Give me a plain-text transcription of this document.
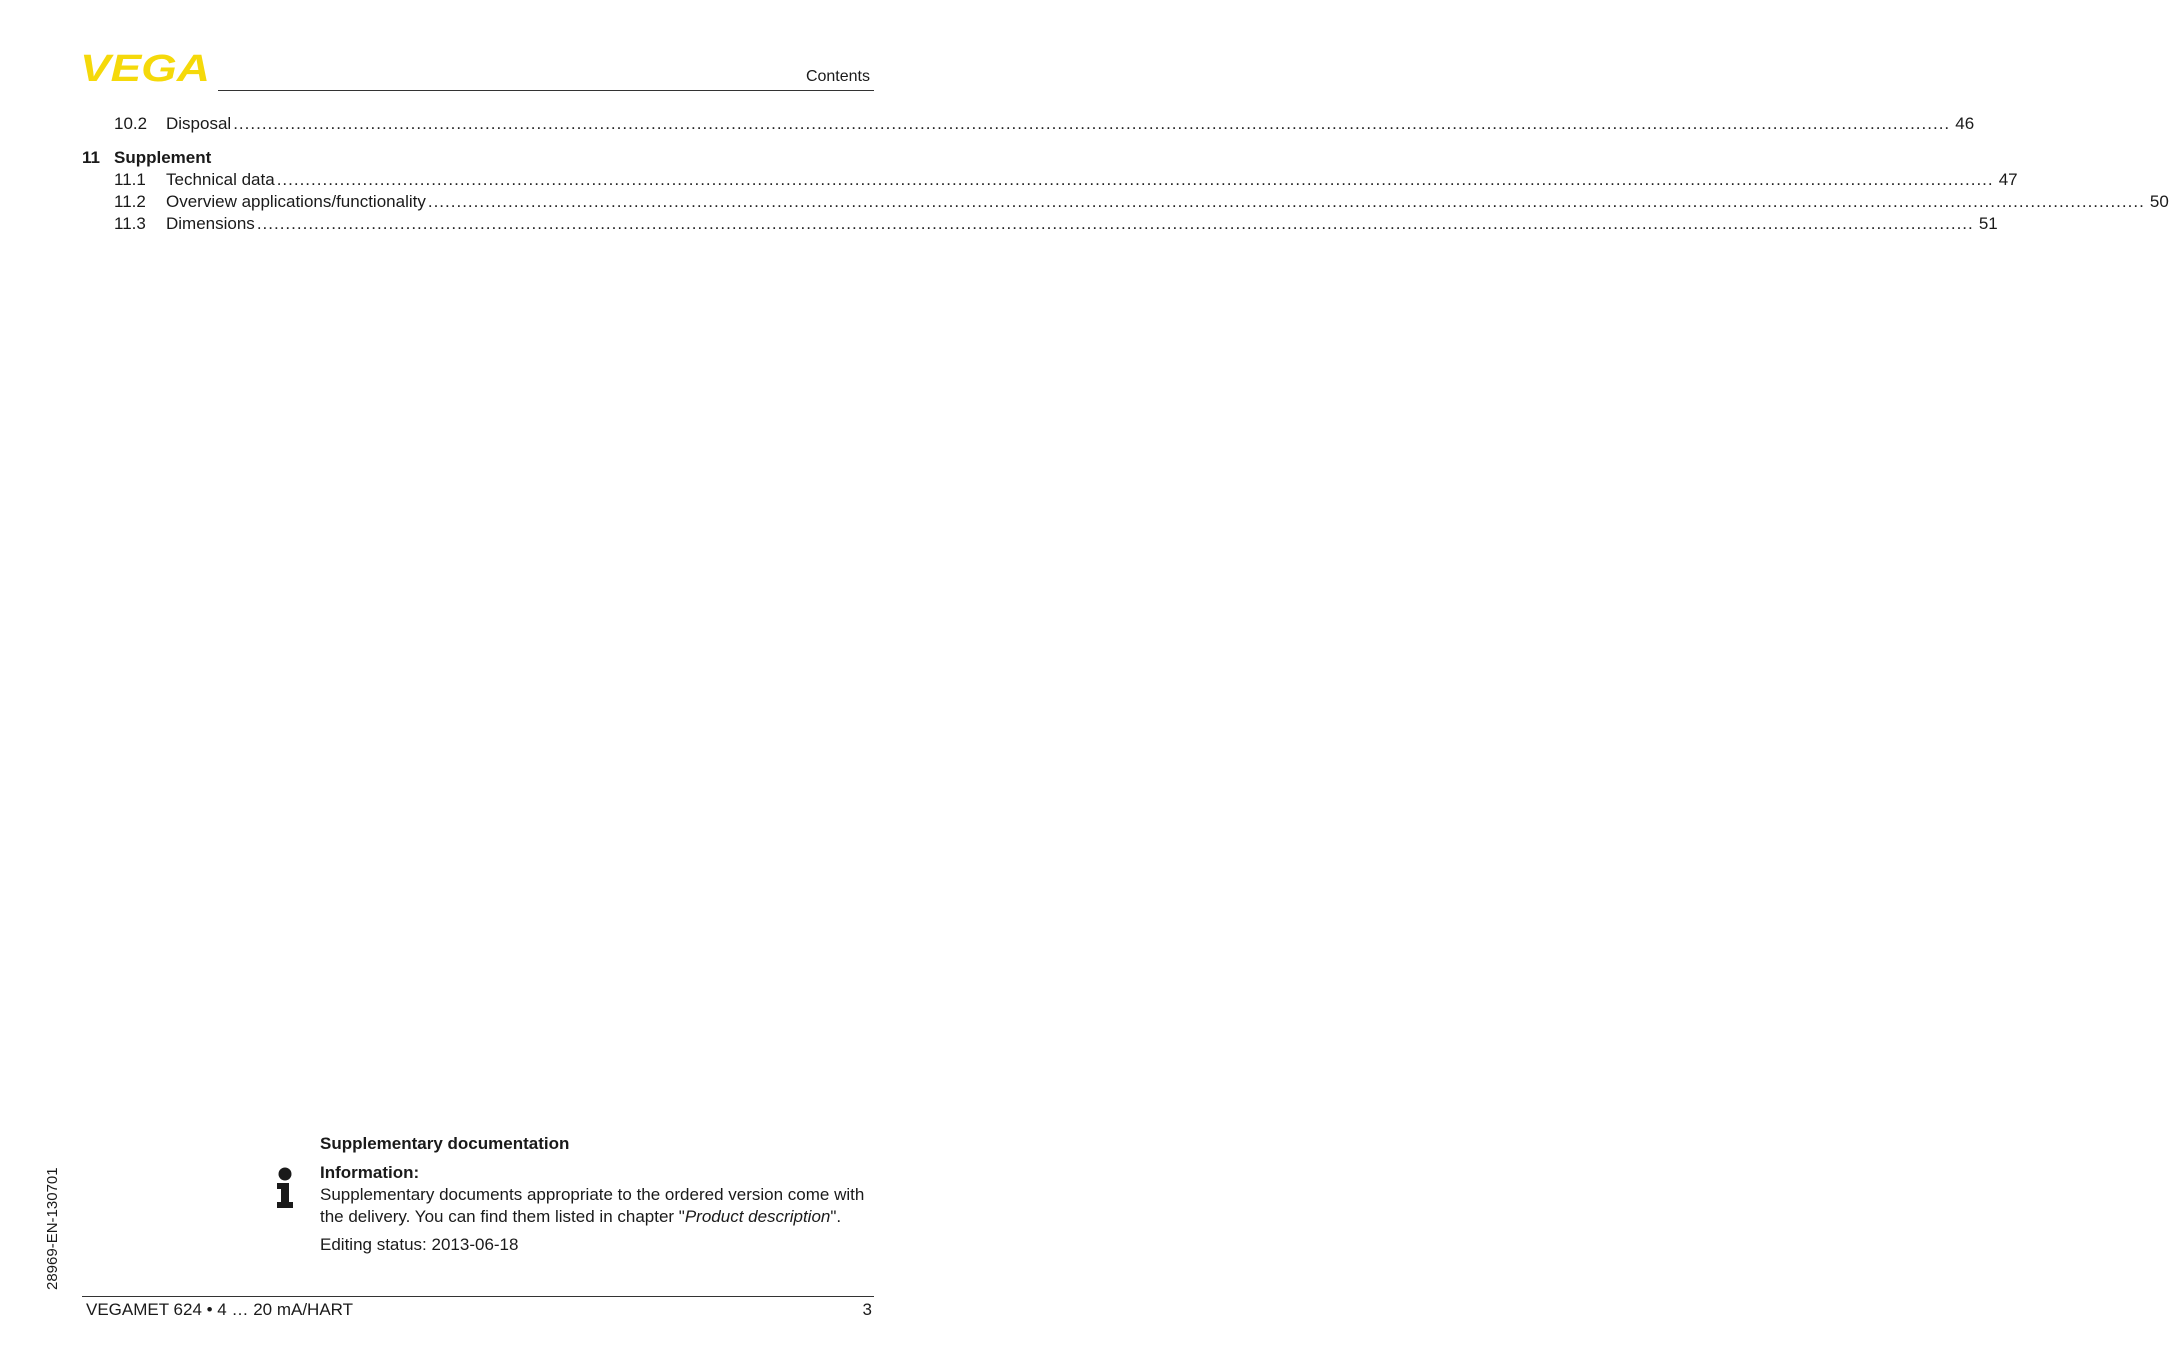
VEGA	Contents
10.2	Disposal ............................................................................................................................................................................................................................................................................................................ 46
11 Supplement
11.1	Technical data ............................................................................................................................................................................................................................................................................................................ 47
11.2	Overview applications/functionality ............................................................................................................................................................................................................................................................................................................ 50
11.3	Dimensions ............................................................................................................................................................................................................................................................................................................ 51
Supplementary documentation
Information:
Supplementary documents appropriate to the ordered version come with the delivery. You can find them listed in chapter "Product description".
Editing status: 2013-06-18
28969-EN-130701
VEGAMET 624 • 4 … 20 mA/HART	3
